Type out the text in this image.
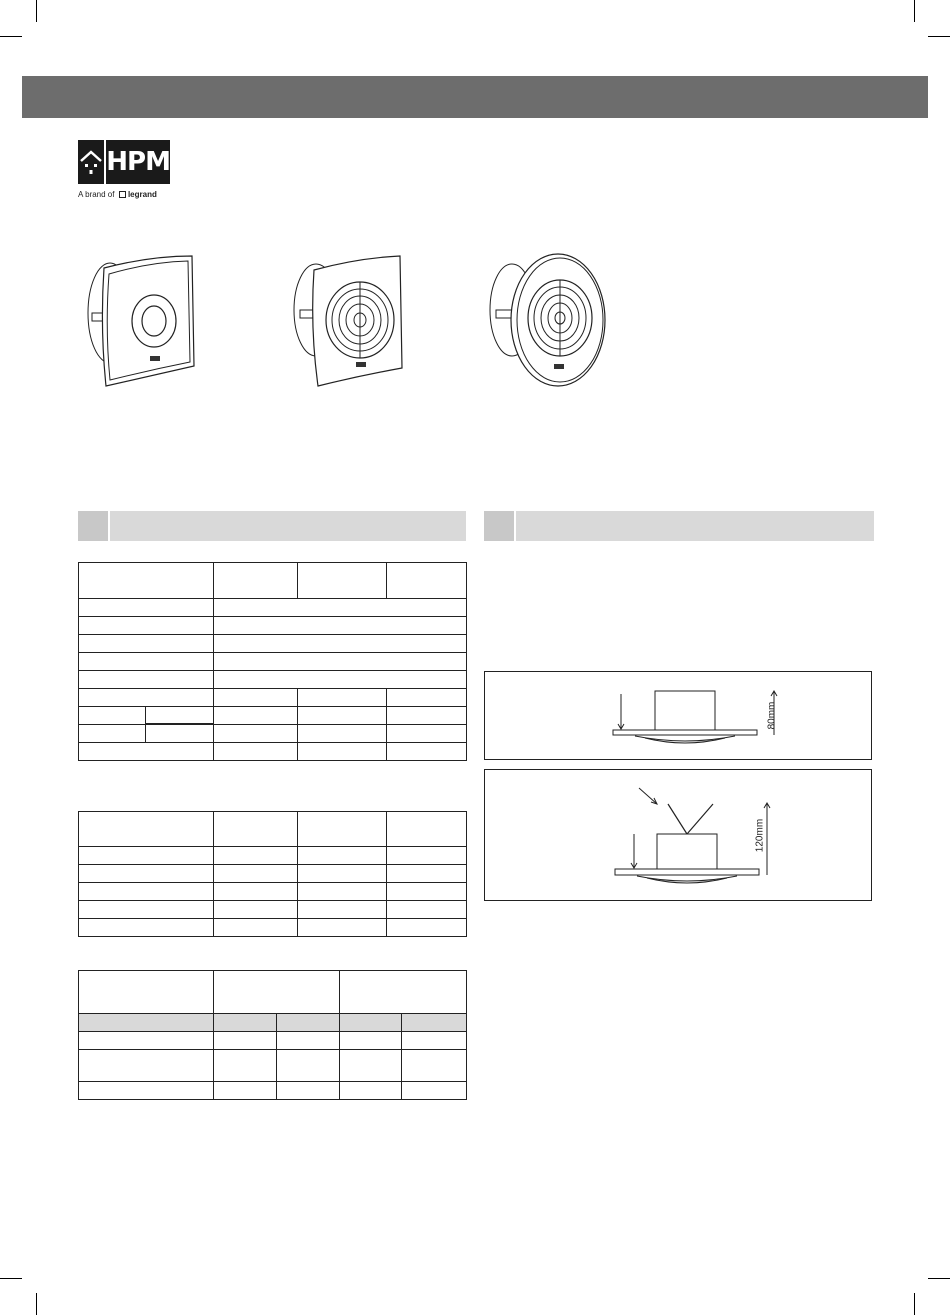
HPM
A brand of legrand

80mm
120mm
